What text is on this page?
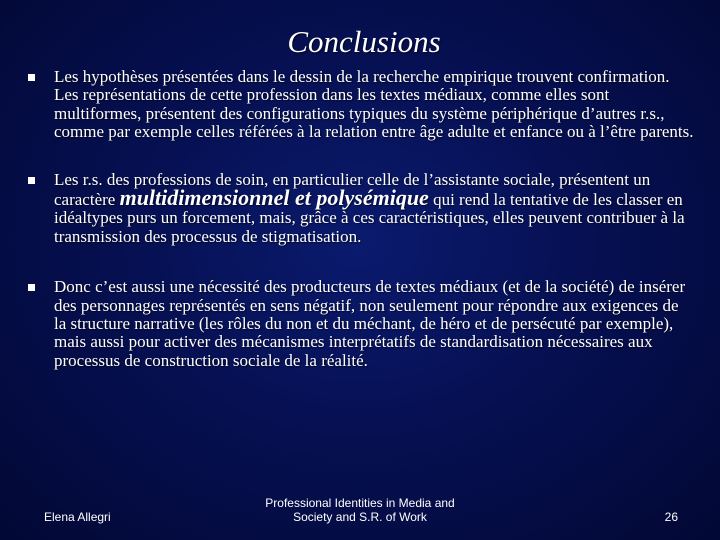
Conclusions
Les hypothèses présentées dans le dessin de la recherche empirique trouvent confirmation. Les représentations de cette profession dans les textes médiaux, comme elles sont multiformes, présentent des configurations typiques du système périphérique d’autres r.s., comme par exemple celles référées à la relation entre âge adulte et enfance ou à l’être parents.
Les r.s. des professions de soin, en particulier celle de l’assistante sociale, présentent un caractère multidimensionnel et polysémique qui rend la tentative de les classer en idéaltypes purs un forcement, mais, grâce à ces caractéristiques, elles peuvent contribuer à la transmission des processus de stigmatisation.
Donc c’est aussi une nécessité des producteurs de textes médiaux (et de la société) de insérer des personnages représentés en sens négatif, non seulement pour répondre aux exigences de la structure narrative (les rôles du non et du méchant, de héro et de persécuté par exemple), mais aussi pour activer des mécanismes interprétatifs de standardisation nécessaires aux processus de construction sociale de la réalité.
Elena Allegri
Professional Identities in Media and
Society and S.R. of Work	26
